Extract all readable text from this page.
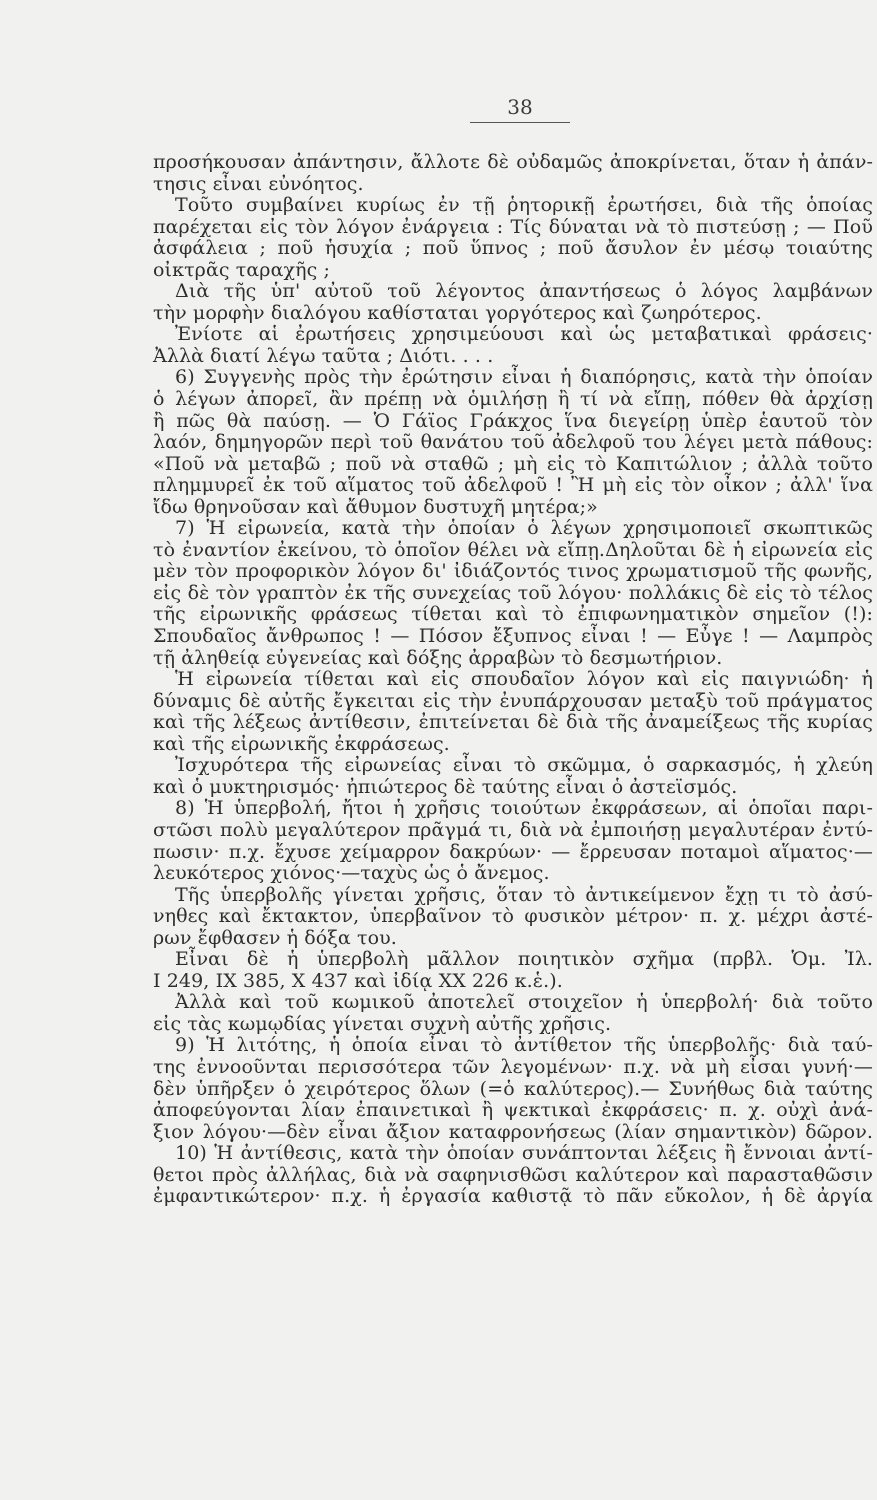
38
προσήκουσαν ἀπάντησιν, ἄλλοτε δὲ οὐδαμῶς ἀποκρίνεται, ὅταν ἡ ἀπάν-
τησις εἶναι εὐνόητος.
Τοῦτο συμβαίνει κυρίως ἐν τῇ ῥητορικῇ ἐρωτήσει, διὰ τῆς ὁποίας
παρέχεται εἰς τὸν λόγον ἐνάργεια : Τίς δύναται νὰ τὸ πιστεύσῃ ; — Ποῦ
ἀσφάλεια ; ποῦ ἡσυχία ; ποῦ ὕπνος ; ποῦ ἄσυλον ἐν μέσῳ τοιαύτης
οἰκτρᾶς ταραχῆς ;
Διὰ τῆς ὑπ' αὐτοῦ τοῦ λέγοντος ἀπαντήσεως ὁ λόγος λαμβάνων
τὴν μορφὴν διαλόγου καθίσταται γοργότερος καὶ ζωηρότερος.
Ἐνίοτε αἱ ἐρωτήσεις χρησιμεύουσι καὶ ὡς μεταβατικαὶ φράσεις·
Ἀλλὰ διατί λέγω ταῦτα ; Διότι. . . .
6) Συγγενὴς πρὸς τὴν ἐρώτησιν εἶναι ἡ διαπόρησις, κατὰ τὴν ὁποίαν
ὁ λέγων ἀπορεῖ, ἂν πρέπῃ νὰ ὁμιλήσῃ ἢ τί νὰ εἴπῃ, πόθεν θὰ ἀρχίσῃ
ἢ πῶς θὰ παύσῃ. — Ὁ Γάϊος Γράκχος ἵνα διεγείρῃ ὑπὲρ ἑαυτοῦ τὸν
λαόν, δημηγορῶν περὶ τοῦ θανάτου τοῦ ἀδελφοῦ του λέγει μετὰ πάθους:
«Ποῦ νὰ μεταβῶ ; ποῦ νὰ σταθῶ ; μὴ εἰς τὸ Καπιτώλιον ; ἀλλὰ τοῦτο
πλημμυρεῖ ἐκ τοῦ αἵματος τοῦ ἀδελφοῦ ! Ἢ μὴ εἰς τὸν οἶκον ; ἀλλ' ἵνα
ἴδω θρηνοῦσαν καὶ ἄθυμον δυστυχῆ μητέρα;»
7) Ἡ εἰρωνεία, κατὰ τὴν ὁποίαν ὁ λέγων χρησιμοποιεῖ σκωπτικῶς
τὸ ἐναντίον ἐκείνου, τὸ ὁποῖον θέλει νὰ εἴπῃ.Δηλοῦται δὲ ἡ εἰρωνεία εἰς
μὲν τὸν προφορικὸν λόγον δι' ἰδιάζοντός τινος χρωματισμοῦ τῆς φωνῆς,
εἰς δὲ τὸν γραπτὸν ἐκ τῆς συνεχείας τοῦ λόγου· πολλάκις δὲ εἰς τὸ τέλος
τῆς εἰρωνικῆς φράσεως τίθεται καὶ τὸ ἐπιφωνηματικὸν σημεῖον (!):
Σπουδαῖος ἄνθρωπος ! — Πόσον ἔξυπνος εἶναι ! — Εὖγε ! — Λαμπρὸς
τῇ ἀληθείᾳ εὐγενείας καὶ δόξης ἀρραβὼν τὸ δεσμωτήριον.
Ἡ εἰρωνεία τίθεται καὶ εἰς σπουδαῖον λόγον καὶ εἰς παιγνιώδη· ἡ
δύναμις δὲ αὐτῆς ἔγκειται εἰς τὴν ἐνυπάρχουσαν μεταξὺ τοῦ πράγματος
καὶ τῆς λέξεως ἀντίθεσιν, ἐπιτείνεται δὲ διὰ τῆς ἀναμείξεως τῆς κυρίας
καὶ τῆς εἰρωνικῆς ἐκφράσεως.
Ἰσχυρότερα τῆς εἰρωνείας εἶναι τὸ σκῶμμα, ὁ σαρκασμός, ἡ χλεύη
καὶ ὁ μυκτηρισμός· ἠπιώτερος δὲ ταύτης εἶναι ὁ ἀστεϊσμός.
8) Ἡ ὑπερβολή, ἤτοι ἡ χρῆσις τοιούτων ἐκφράσεων, αἱ ὁποῖαι παρι-
στῶσι πολὺ μεγαλύτερον πρᾶγμά τι, διὰ νὰ ἐμποιήσῃ μεγαλυτέραν ἐντύ-
πωσιν· π.χ. ἔχυσε χείμαρρον δακρύων· — ἔρρευσαν ποταμοὶ αἵματος·—
λευκότερος χιόνος·—ταχὺς ὡς ὁ ἄνεμος.
Τῆς ὑπερβολῆς γίνεται χρῆσις, ὅταν τὸ ἀντικείμενον ἔχῃ τι τὸ ἀσύ-
νηθες καὶ ἔκτακτον, ὑπερβαῖνον τὸ φυσικὸν μέτρον· π. χ. μέχρι ἀστέ-
ρων ἔφθασεν ἡ δόξα του.
Εἶναι δὲ ἡ ὑπερβολὴ μᾶλλον ποιητικὸν σχῆμα (πρβλ. Ὁμ. Ἰλ.
I 249, IX 385, X 437 καὶ ἰδίᾳ XX 226 κ.ἑ.).
Ἀλλὰ καὶ τοῦ κωμικοῦ ἀποτελεῖ στοιχεῖον ἡ ὑπερβολή· διὰ τοῦτο
εἰς τὰς κωμῳδίας γίνεται συχνὴ αὐτῆς χρῆσις.
9) Ἡ λιτότης, ἡ ὁποία εἶναι τὸ ἀντίθετον τῆς ὑπερβολῆς· διὰ ταύ-
της ἐννοοῦνται περισσότερα τῶν λεγομένων· π.χ. νὰ μὴ εἶσαι γυνή·—
δὲν ὑπῆρξεν ὁ χειρότερος ὅλων (=ὁ καλύτερος).— Συνήθως διὰ ταύτης
ἀποφεύγονται λίαν ἐπαινετικαὶ ἢ ψεκτικαὶ ἐκφράσεις· π. χ. οὐχὶ ἀνά-
ξιον λόγου·—δὲν εἶναι ἄξιον καταφρονήσεως (λίαν σημαντικὸν) δῶρον.
10) Ἡ ἀντίθεσις, κατὰ τὴν ὁποίαν συνάπτονται λέξεις ἢ ἔννοιαι ἀντί-
θετοι πρὸς ἀλλήλας, διὰ νὰ σαφηνισθῶσι καλύτερον καὶ παρασταθῶσιν
ἐμφαντικώτερον· π.χ. ἡ ἐργασία καθιστᾷ τὸ πᾶν εὔκολον, ἡ δὲ ἀργία
